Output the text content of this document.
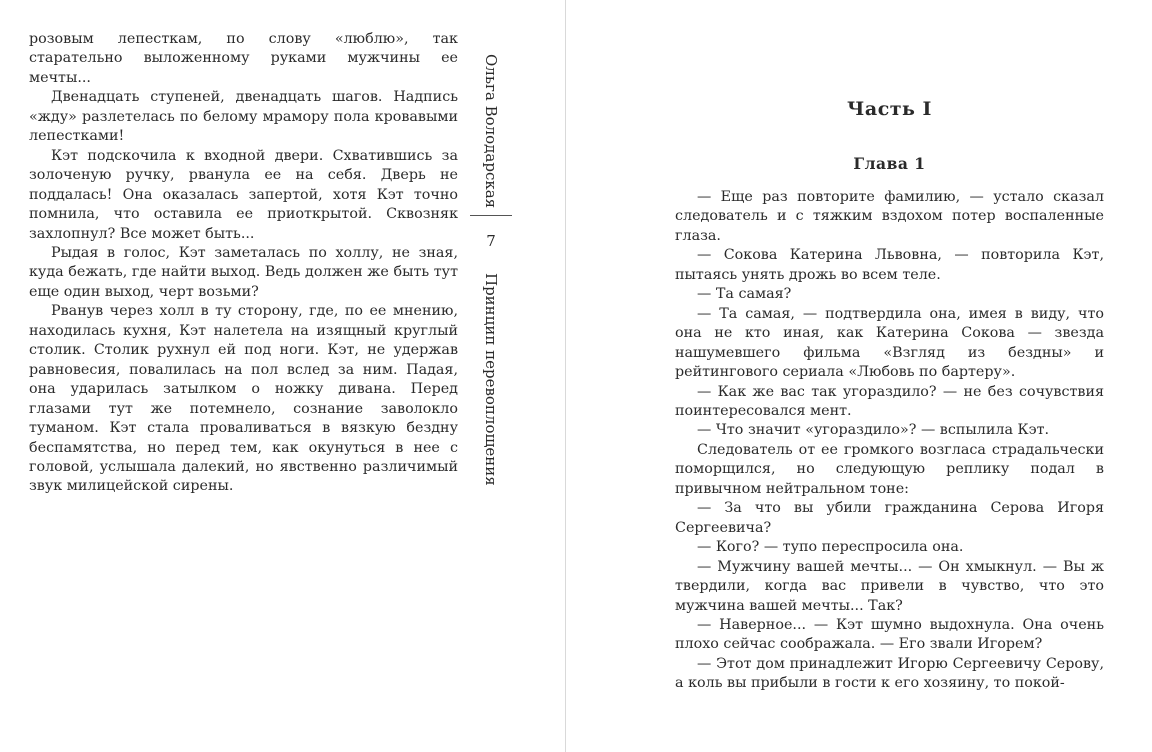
розовым лепесткам, по слову «люблю», так старательно выложенному руками мужчины ее мечты...

Двенадцать ступеней, двенадцать шагов. Надпись «жду» разлетелась по белому мрамору пола кровавыми лепестками!

Кэт подскочила к входной двери. Схватившись за золоченую ручку, рванула ее на себя. Дверь не поддалась! Она оказалась запертой, хотя Кэт точно помнила, что оставила ее приоткрытой. Сквозняк захлопнул? Все может быть...

Рыдая в голос, Кэт заметалась по холлу, не зная, куда бежать, где найти выход. Ведь должен же быть тут еще один выход, черт возьми?

Рванув через холл в ту сторону, где, по ее мнению, находилась кухня, Кэт налетела на изящный круглый столик. Столик рухнул ей под ноги. Кэт, не удержав равновесия, повалилась на пол вслед за ним. Падая, она ударилась затылком о ножку дивана. Перед глазами тут же потемнело, сознание заволокло туманом. Кэт стала проваливаться в вязкую бездну беспамятства, но перед тем, как окунуться в нее с головой, услышала далекий, но явственно различимый звук милицейской сирены.

Ольга Володарская
7
Принцип перевоплощения
Часть I
Глава 1

— Еще раз повторите фамилию, — устало сказал следователь и с тяжким вздохом потер воспаленные глаза.

— Сокова Катерина Львовна, — повторила Кэт, пытаясь унять дрожь во всем теле.

— Та самая?

— Та самая, — подтвердила она, имея в виду, что она не кто иная, как Катерина Сокова — звезда нашумевшего фильма «Взгляд из бездны» и рейтингового сериала «Любовь по бартеру».

— Как же вас так угораздило? — не без сочувствия поинтересовался мент.

— Что значит «угораздило»? — вспылила Кэт.

Следователь от ее громкого возгласа страдальчески поморщился, но следующую реплику подал в привычном нейтральном тоне:

— За что вы убили гражданина Серова Игоря Сергеевича?

— Кого? — тупо переспросила она.

— Мужчину вашей мечты... — Он хмыкнул. — Вы ж твердили, когда вас привели в чувство, что это мужчина вашей мечты... Так?

— Наверное... — Кэт шумно выдохнула. Она очень плохо сейчас соображала. — Его звали Игорем?

— Этот дом принадлежит Игорю Сергеевичу Серову, а коль вы прибыли в гости к его хозяину, то покой-
